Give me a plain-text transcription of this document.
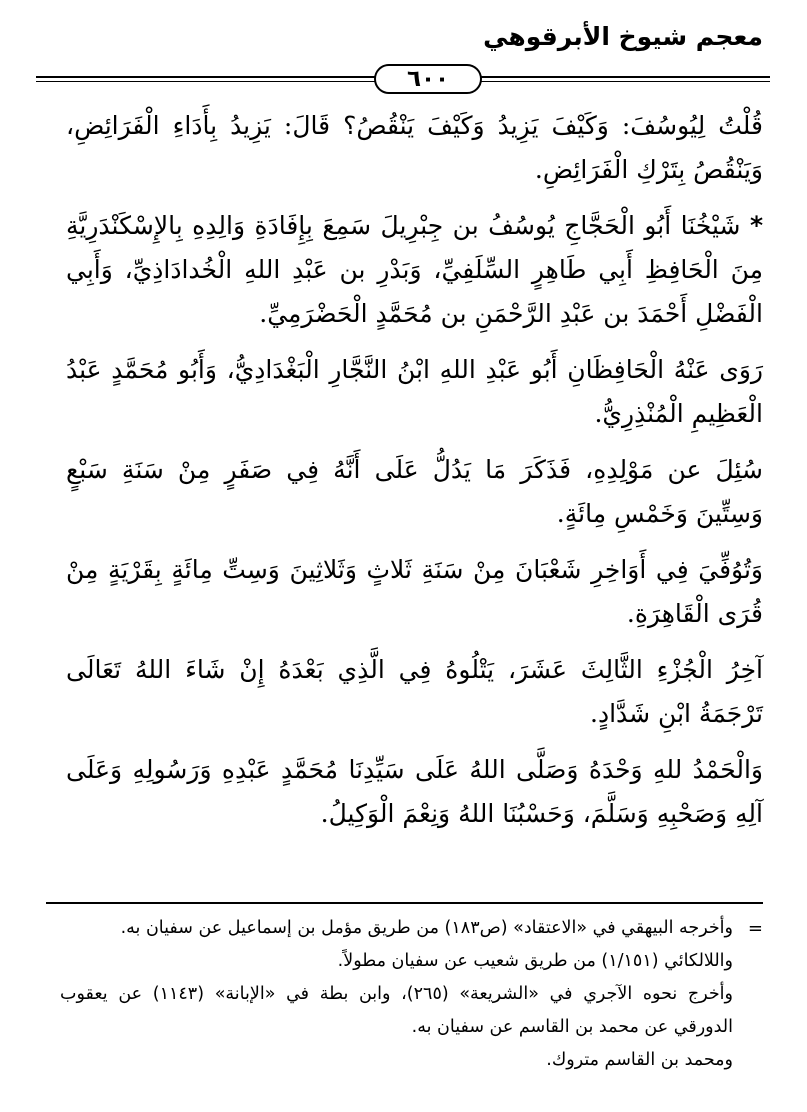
معجم شيوخ الأبرقوهي
٦٠٠

قُلْتُ لِيُوسُفَ: وَكَيْفَ يَزِيدُ وَكَيْفَ يَنْقُصُ؟ قَالَ: يَزِيدُ بِأَدَاءِ الْفَرَائِضِ، وَيَنْقُصُ بِتَرْكِ الْفَرَائِضِ.

* شَيْخُنَا أَبُو الْحَجَّاجِ يُوسُفُ بن جِبْرِيلَ سَمِعَ بِإِفَادَةِ وَالِدِهِ بِالإِسْكَنْدَرِيَّةِ مِنَ الْحَافِظِ أَبِي طَاهِرٍ السِّلَفِيِّ، وَبَدْرِ بن عَبْدِ اللهِ الْخُدادَاذِيِّ، وَأَبِي الْفَضْلِ أَحْمَدَ بن عَبْدِ الرَّحْمَنِ بن مُحَمَّدٍ الْحَضْرَمِيِّ.

رَوَى عَنْهُ الْحَافِظَانِ أَبُو عَبْدِ اللهِ ابْنُ النَّجَّارِ الْبَغْدَادِيُّ، وَأَبُو مُحَمَّدٍ عَبْدُ الْعَظِيمِ الْمُنْذِرِيُّ.

سُئِلَ عن مَوْلِدِهِ، فَذَكَرَ مَا يَدُلُّ عَلَى أَنَّهُ فِي صَفَرٍ مِنْ سَنَةِ سَبْعٍ وَسِتِّينَ وَخَمْسِ مِائَةٍ.

وَتُوُفِّيَ فِي أَوَاخِرِ شَعْبَانَ مِنْ سَنَةِ ثَلاثٍ وَثَلاثِينَ وَسِتِّ مِائَةٍ بِقَرْيَةٍ مِنْ قُرَى الْقَاهِرَةِ.

آخِرُ الْجُزْءِ الثَّالِثَ عَشَرَ، يَتْلُوهُ فِي الَّذِي بَعْدَهُ إِنْ شَاءَ اللهُ تَعَالَى تَرْجَمَةُ ابْنِ شَدَّادٍ.

وَالْحَمْدُ للهِ وَحْدَهُ وَصَلَّى اللهُ عَلَى سَيِّدِنَا مُحَمَّدٍ عَبْدِهِ وَرَسُولِهِ وَعَلَى آلِهِ وَصَحْبِهِ وَسَلَّمَ، وَحَسْبُنَا اللهُ وَنِعْمَ الْوَكِيلُ.

=

وأخرجه البيهقي في «الاعتقاد» (ص١٨٣) من طريق مؤمل بن إسماعيل عن سفيان به.

واللالكائي (١/١٥١) من طريق شعيب عن سفيان مطولاً.

وأخرج نحوه الآجري في «الشريعة» (٢٦٥)، وابن بطة في «الإبانة» (١١٤٣) عن يعقوب الدورقي عن محمد بن القاسم عن سفيان به.

ومحمد بن القاسم متروك.
